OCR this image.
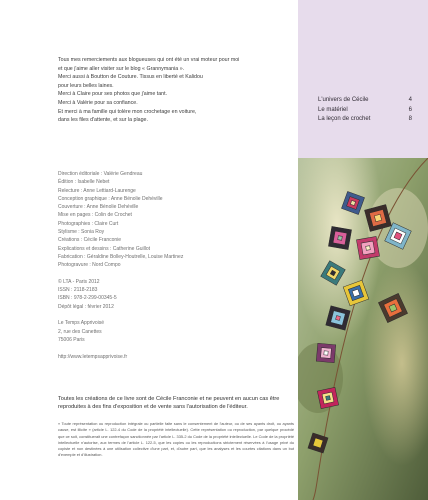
Tous mes remerciements aux blogueuses qui ont été un vrai moteur pour moi

et que j'aime aller visiter sur le blog « Grannymania ».

Merci aussi à Boutton de Couture. Tissus en liberté et Kalidou

pour leurs belles laines.

Merci à Claire pour ses photos que j'aime tant.

Merci à Valérie pour sa confiance.

Et merci à ma famille qui tolère mon crochetage en voiture,

dans les files d'attente, et sur la plage.

Direction éditoriale : Valérie Gendreau

Édition : Isabelle Nebet

Relecture : Anne Lettiard-Laurenge

Conception graphique : Anne Bénolie Dehéville

Couverture : Anne Bénolie Dehéville

Mise en pages : Colin de Crochet

Photographies : Claire Curt

Stylisme : Sonia Roy

Créations : Cécile Franconie

Explications et dessins : Catherine Guillot

Fabrication : Géraldine Bolley-Houtrelle, Louise Martinez

Photogravure : Nord Compo

© LTA - Paris 2012

ISSN : 2118-2183

ISBN : 978-2-299-00345-5

Dépôt légal : février 2012

Le Temps Apprivoisé

2, rue des Canettes

75006 Paris

http://www.letempsapprivoise.fr

Toutes les créations de ce livre sont de Cécile Franconie et ne peuvent en aucun cas être reproduites à des fins d'exposition et de vente sans l'autorisation de l'éditeur.
« Toute représentation ou reproduction intégrale ou partielle faite sans le consentement de l'auteur, ou de ses ayants droit, ou ayants cause, est illicite » (article L. 122-4 du Code de la propriété intellectuelle). Cette représentation ou reproduction, par quelque procédé que ce soit, constituerait une contrefaçon sanctionnée par l'article L. 335-2 du Code de la propriété intellectuelle. Le Code de la propriété intellectuelle n'autorise, aux termes de l'article L. 122-5, que les copies ou les reproductions strictement réservées à l'usage privé du copiste et non destinées à une utilisation collective d'une part, et, d'autre part, que les analyses et les courtes citations dans un but d'exemple et d'illustration.
L'univers de Cécile	4
Le matériel	6
La leçon de crochet	8
